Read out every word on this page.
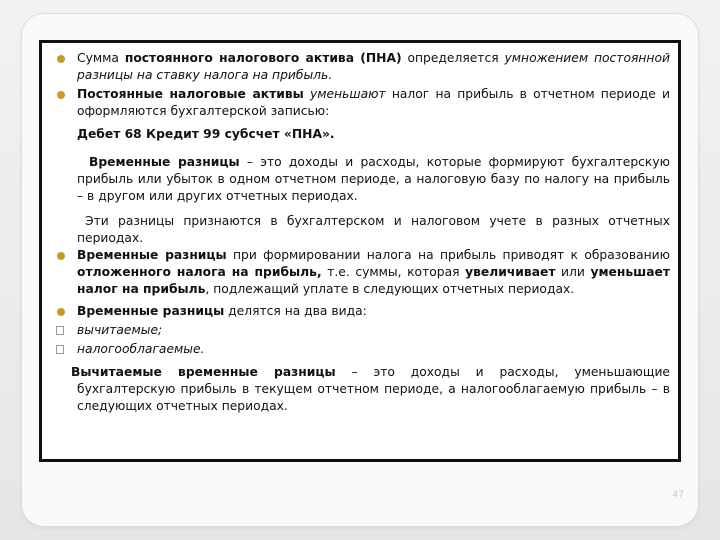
Сумма постоянного налогового актива (ПНА) определяется умножением постоянной разницы на ставку налога на прибыль.

Постоянные налоговые активы уменьшают налог на прибыль в отчетном периоде и оформляются бухгалтерской записью:

Дебет 68 Кредит 99 субсчет «ПНА».

Временные разницы – это доходы и расходы, которые формируют бухгалтерскую прибыль или убыток в одном отчетном периоде, а налоговую базу по налогу на прибыль – в другом или других отчетных периодах.

Эти разницы признаются в бухгалтерском и налоговом учете в разных отчетных периодах.

Временные разницы при формировании налога на прибыль приводят к образованию отложенного налога на прибыль, т.е. суммы, которая увеличивает или уменьшает налог на прибыль, подлежащий уплате в следующих отчетных периодах.

Временные разницы делятся на два вида:

вычитаемые;

налогооблагаемые.

Вычитаемые временные разницы – это доходы и расходы, уменьшающие бухгалтерскую прибыль в текущем отчетном периоде, а налогооблагаемую прибыль – в следующих отчетных периодах.

47
